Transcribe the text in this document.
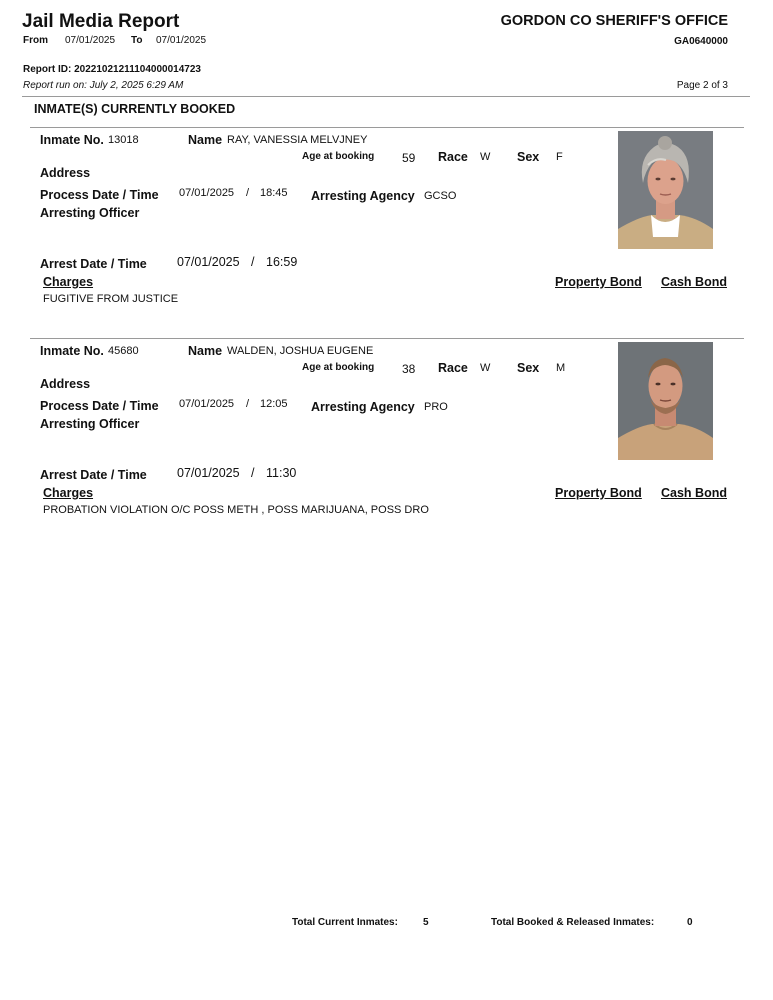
Jail Media Report
From 07/01/2025 To 07/01/2025
GORDON CO SHERIFF'S OFFICE
GA0640000
Report ID: 20221021211104000014723
Report run on: July 2, 2025 6:29 AM	Page 2 of 3
INMATE(S) CURRENTLY BOOKED
Inmate No. 13018	Name RAY, VANESSIA MELVJNEY
Age at booking 59 Race W Sex F
Address
Process Date / Time 07/01/2025 / 18:45 Arresting Agency GCSO
Arresting Officer
Arrest Date / Time 07/01/2025 / 16:59
Charges	Property Bond Cash Bond
FUGITIVE FROM JUSTICE
Inmate No. 45680	Name WALDEN, JOSHUA EUGENE
Age at booking 38 Race W Sex M
Address
Process Date / Time 07/01/2025 / 12:05 Arresting Agency PRO
Arresting Officer
Arrest Date / Time 07/01/2025 / 11:30
Charges	Property Bond Cash Bond
PROBATION VIOLATION O/C POSS METH , POSS MARIJUANA, POSS DRO
Total Current Inmates:	5	Total Booked & Released Inmates:	0
